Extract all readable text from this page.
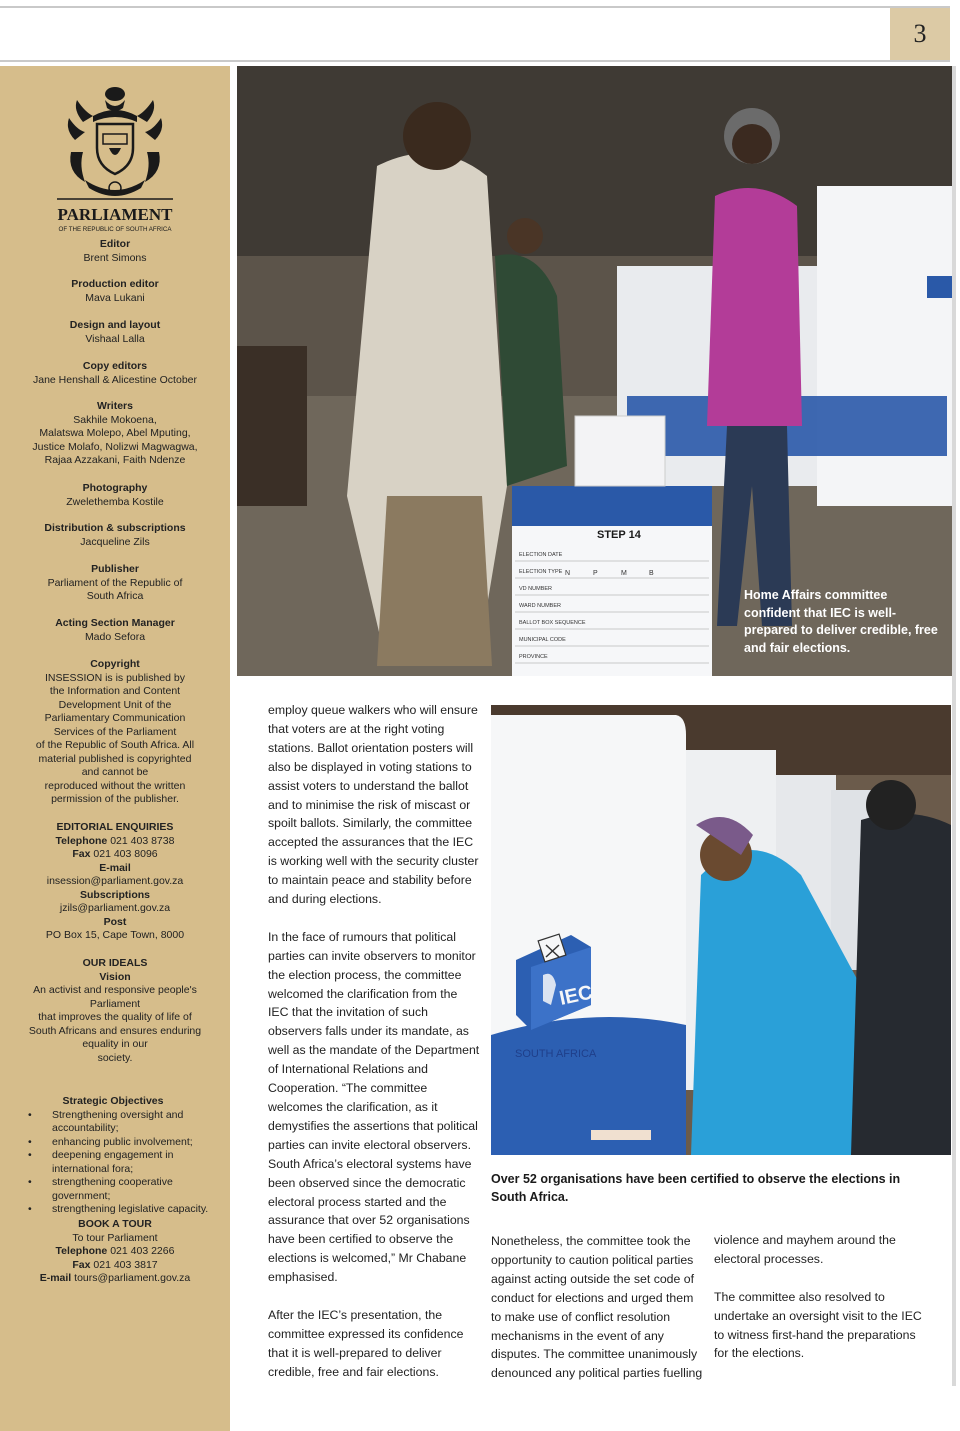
3
PARLIAMENT
OF THE REPUBLIC OF SOUTH AFRICA
Editor
Brent Simons
Production editor
Mava Lukani
Design and layout
Vishaal Lalla
Copy editors
Jane Henshall & Alicestine October
Writers
Sakhile Mokoena,
Malatswa Molepo, Abel Mputing,
Justice Molafo, Nolizwi Magwagwa,
Rajaa Azzakani, Faith Ndenze
Photography
Zwelethemba Kostile
Distribution & subscriptions
Jacqueline Zils
Publisher
Parliament of the Republic of
South Africa
Acting Section Manager
Mado Sefora
Copyright
INSESSION is is published by
the Information and Content
Development Unit of the
Parliamentary Communication
Services of the Parliament
of the Republic of South Africa. All
material published is copyrighted
and cannot be
reproduced without the written
permission of the publisher.
EDITORIAL ENQUIRIES
Telephone 021 403 8738
Fax 021 403 8096
E-mail
insession@parliament.gov.za
Subscriptions
jzils@parliament.gov.za
Post
PO Box 15, Cape Town, 8000
OUR IDEALS
Vision
An activist and responsive people's
Parliament
that improves the quality of life of
South Africans and ensures enduring
equality in our
society.
Strategic Objectives
• Strengthening oversight and accountability;
• enhancing public involvement;
• deepening engagement in international fora;
• strengthening cooperative government;
• strengthening legislative capacity.
BOOK A TOUR
To tour Parliament
Telephone 021 403 2266
Fax 021 403 3817
E-mail tours@parliament.gov.za
STEP 14
ELECTION DATE
ELECTION TYPE
VD NUMBER
WARD NUMBER
BALLOT BOX SEQUENCE
MUNICIPAL CODE
PROVINCE
N	P	M	B
Home Affairs committee confident that IEC is well-prepared to deliver credible, free and fair elections.
IEC
SOUTH AFRICA
Over 52 organisations have been certified to observe the elections in South Africa.

employ queue walkers who will ensure that voters are at the right voting stations. Ballot orientation posters will also be displayed in voting stations to assist voters to understand the ballot and to minimise the risk of miscast or spoilt ballots. Similarly, the committee accepted the assurances that the IEC is working well with the security cluster to maintain peace and stability before and during elections.

In the face of rumours that political parties can invite observers to monitor the election process, the committee welcomed the clarification from the IEC that the invitation of such observers falls under its mandate, as well as the mandate of the Department of International Relations and Cooperation. “The committee welcomes the clarification, as it demystifies the assertions that political parties can invite electoral observers. South Africa’s electoral systems have been observed since the democratic electoral process started and the assurance that over 52 organisations have been certified to observe the elections is welcomed,” Mr Chabane emphasised.

After the IEC’s presentation, the committee expressed its confidence that it is well-prepared to deliver credible, free and fair elections.

Nonetheless, the committee took the opportunity to caution political parties against acting outside the set code of conduct for elections and urged them to make use of conflict resolution mechanisms in the event of any disputes. The committee unanimously denounced any political parties fuelling

violence and mayhem around the electoral processes.

The committee also resolved to undertake an oversight visit to the IEC to witness first-hand the preparations for the elections.
